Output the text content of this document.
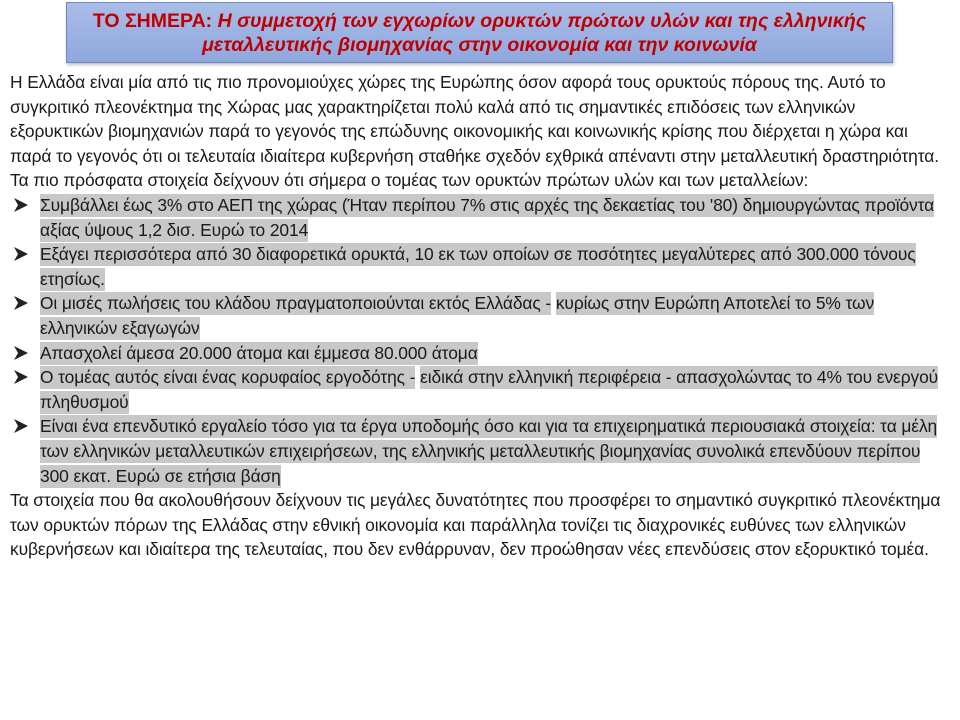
ΤΟ ΣΗΜΕΡΑ: Η συμμετοχή των εγχωρίων ορυκτών πρώτων υλών και της ελληνικής μεταλλευτικής βιομηχανίας στην οικονομία και την κοινωνία

Η Ελλάδα είναι μία από τις πιο προνομιούχες χώρες της Ευρώπης όσον αφορά τους ορυκτούς πόρους της. Αυτό το συγκριτικό πλεονέκτημα της Χώρας μας χαρακτηρίζεται πολύ καλά από τις σημαντικές επιδόσεις των ελληνικών εξορυκτικών βιομηχανιών παρά το γεγονός της επώδυνης οικονομικής και κοινωνικής κρίσης που διέρχεται η χώρα και παρά το γεγονός ότι οι τελευταία ιδιαίτερα κυβερνήση σταθήκε σχεδόν εχθρικά απέναντι στην μεταλλευτική δραστηριότητα.

Τα πιο πρόσφατα στοιχεία δείχνουν ότι σήμερα ο τομέας των ορυκτών πρώτων υλών και των μεταλλείων:

Συμβάλλει έως 3% στο ΑΕΠ της χώρας (Ήταν περίπου 7% στις αρχές της δεκαετίας του '80) δημιουργώντας προϊόντα αξίας ύψους 1,2 δισ. Ευρώ το 2014
Εξάγει περισσότερα από 30 διαφορετικά ορυκτά, 10 εκ των οποίων σε ποσότητες μεγαλύτερες από 300.000 τόνους ετησίως.
Οι μισές πωλήσεις του κλάδου πραγματοποιούνται εκτός Ελλάδας - κυρίως στην Ευρώπη Αποτελεί το 5% των ελληνικών εξαγωγών
Απασχολεί άμεσα 20.000 άτομα και έμμεσα 80.000 άτομα
Ο τομέας αυτός είναι ένας κορυφαίος εργοδότης - ειδικά στην ελληνική περιφέρεια - απασχολώντας το 4% του ενεργού πληθυσμού
Είναι ένα επενδυτικό εργαλείο τόσο για τα έργα υποδομής όσο και για τα επιχειρηματικά περιουσιακά στοιχεία: τα μέλη των ελληνικών μεταλλευτικών επιχειρήσεων, της ελληνικής μεταλλευτικής βιομηχανίας συνολικά επενδύουν περίπου 300 εκατ. Ευρώ σε ετήσια βάση

Τα στοιχεία που θα ακολουθήσουν δείχνουν τις μεγάλες δυνατότητες που προσφέρει το σημαντικό συγκριτικό πλεονέκτημα των ορυκτών πόρων της Ελλάδας στην εθνική οικονομία και παράλληλα τονίζει τις διαχρονικές ευθύνες των ελληνικών κυβερνήσεων και ιδιαίτερα της τελευταίας, που δεν ενθάρρυναν, δεν προώθησαν νέες επενδύσεις στον εξορυκτικό τομέα.
